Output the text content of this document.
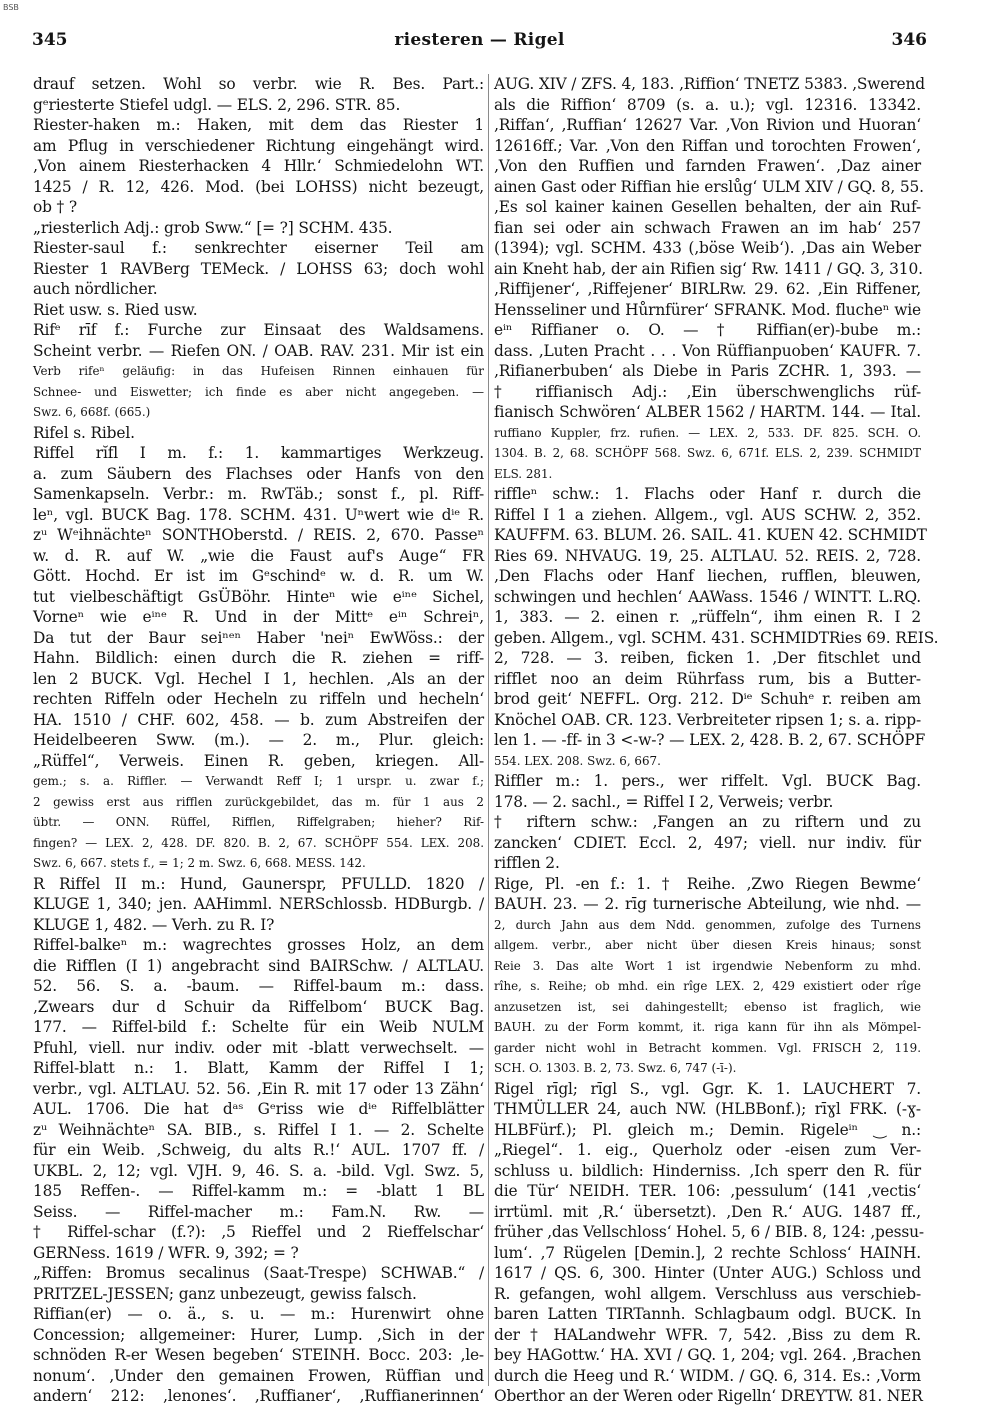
BSB
345	riesteren — Rigel	346
drauf setzen. Wohl so verbr. wie R. Bes. Part.:
gᵉriesterte Stiefel udgl. — ELS. 2, 296. STR. 85.
Riester-haken m.: Haken, mit dem das Riester 1
am Pflug in verschiedener Richtung eingehängt wird.
‚Von ainem Riesterhacken 4 Hllr.‘ Schmiedelohn WT.
1425 / R. 12, 426. Mod. (bei LOHSS) nicht bezeugt,
ob † ?
„riesterlich Adj.: grob Sww.“ [= ?] SCHM. 435.
Riester-saul f.: senkrechter eiserner Teil am
Riester 1 RAVBerg TEMeck. / LOHSS 63; doch wohl
auch nördlicher.
Riet usw. s. Ried usw.
Rifᵉ rīf f.: Furche zur Einsaat des Waldsamens.
Scheint verbr. — Riefen ON. / OAB. RAV. 231. Mir ist ein
Verb rifeⁿ geläufig: in das Hufeisen Rinnen einhauen für
Schnee- und Eiswetter; ich finde es aber nicht angegeben. —
Swz. 6, 668f. (665.)
Rifel s. Ribel.
Riffel rĭfl I m. f.: 1. kammartiges Werkzeug.
a. zum Säubern des Flachses oder Hanfs von den
Samenkapseln. Verbr.: m. RwTäb.; sonst f., pl. Riff-
leⁿ, vgl. BUCK Bag. 178. SCHM. 431. Uⁿwert wie dⁱᵉ R.
zᵘ Wᵉihnächteⁿ SONTHOberstd. / REIS. 2, 670. Passeⁿ
w. d. R. auf W. „wie die Faust auf's Auge“ FR
Gött. Hochd. Er ist im Gᵉschindᵉ w. d. R. um W.
tut vielbeschäftigt GsÜBöhr. Hinteⁿ wie eⁱⁿᵉ Sichel,
Vorneⁿ wie eⁱⁿᵉ R. Und in der Mittᵉ eⁱⁿ Schreiⁿ,
Da tut der Baur seiⁿᵉⁿ Haber 'neiⁿ EwWöss.: der
Hahn. Bildlich: einen durch die R. ziehen = riff-
len 2 BUCK. Vgl. Hechel I 1, hechlen. ‚Als an der
rechten Riffeln oder Hecheln zu riffeln und hecheln‘
HA. 1510 / CHF. 602, 458. — b. zum Abstreifen der
Heidelbeeren Sww. (m.). — 2. m., Plur. gleich:
„Rüffel“, Verweis. Einen R. geben, kriegen. All-
gem.; s. a. Riffler. — Verwandt Reff I; 1 urspr. u. zwar f.;
2 gewiss erst aus rifflen zurückgebildet, das m. für 1 aus 2
übtr. — ONN. Rüffel, Rifflen, Riffelgraben; hieher? Rif-
fingen? — LEX. 2, 428. DF. 820. B. 2, 67. SCHÖPF 554. LEX. 208.
Swz. 6, 667. stets f., = 1; 2 m. Swz. 6, 668. MESS. 142.
R Riffel II m.: Hund, Gaunerspr, PFULLD. 1820 /
KLUGE 1, 340; jen. AAHimml. NERSchlossb. HDBurgb. /
KLUGE 1, 482. — Verh. zu R. I?
Riffel-balkeⁿ m.: wagrechtes grosses Holz, an dem
die Rifflen (I 1) angebracht sind BAIRSchw. / ALTLAU.
52. 56. S. a. -baum. — Riffel-baum m.: dass.
‚Zwears dur d Schuir da Riffelbom‘ BUCK Bag.
177. — Riffel-bild f.: Schelte für ein Weib NULM
Pfuhl, viell. nur indiv. oder mit -blatt verwechselt. —
Riffel-blatt n.: 1. Blatt, Kamm der Riffel I 1;
verbr., vgl. ALTLAU. 52. 56. ‚Ein R. mit 17 oder 13 Zähn‘
AUL. 1706. Die hat dᵃˢ Gᵉriss wie dⁱᵉ Riffelblätter
zᵘ Weihnächteⁿ SA. BIB., s. Riffel I 1. — 2. Schelte
für ein Weib. ‚Schweig, du alts R.!‘ AUL. 1707 ff. /
UKBL. 2, 12; vgl. VJH. 9, 46. S. a. -bild. Vgl. Swz. 5,
185 Reffen-. — Riffel-kamm m.: = -blatt 1 BL
Seiss. — Riffel-macher m.: Fam.N. Rw. —
† Riffel-schar (f.?): ‚5 Rieffel und 2 Rieffelschar‘
GERNess. 1619 / WFR. 9, 392; = ?
„Riffen: Bromus secalinus (Saat-Trespe) SCHWAB.“ /
PRITZEL-JESSEN; ganz unbezeugt, gewiss falsch.
Riffian(er) — o. ä., s. u. — m.: Hurenwirt ohne
Concession; allgemeiner: Hurer, Lump. ‚Sich in der
schnöden R-er Wesen begeben‘ STEINH. Bocc. 203: ‚le-
nonum‘. ‚Under den gemainen Frowen, Rüffian und
andern‘ 212: ‚lenones‘. ‚Ruffianer‘, ‚Ruffianerinnen‘
AUG. XIV / ZFS. 4, 183. ‚Riffion‘ TNETZ 5383. ‚Swerend
als die Riffion‘ 8709 (s. a. u.); vgl. 12316. 13342.
‚Riffan‘, ‚Ruffian‘ 12627 Var. ‚Von Rivion und Huoran‘
12616ff.; Var. ‚Von den Riffan und torochten Frowen‘,
‚Von den Ruffien und farnden Frawen‘. ‚Daz ainer
ainen Gast oder Riffian hie erslůg‘ ULM XIV / GQ. 8, 55.
‚Es sol kainer kainen Gesellen behalten, der ain Ruf-
fian sei oder ain schwach Frawen an im hab‘ 257
(1394); vgl. SCHM. 433 (‚böse Weib‘). ‚Das ain Weber
ain Kneht hab, der ain Rifien sig‘ Rw. 1411 / GQ. 3, 310.
‚Riffijener‘, ‚Riffejener‘ BIRLRw. 29. 62. ‚Ein Riffener,
Hensseliner und Hůrnfürer‘ SFRANK. Mod. flucheⁿ wie
eⁱⁿ Riffianer o. O. — † Riffian(er)-bube m.:
dass. ‚Luten Pracht . . . Von Rüffianpuoben‘ KAUFR. 7.
‚Rifianerbuben‘ als Diebe in Paris ZCHR. 1, 393. —
† riffianisch Adj.: ‚Ein überschwenglichs rüf-
fianisch Schwören‘ ALBER 1562 / HARTM. 144. — Ital.
ruffiano Kuppler, frz. rufien. — LEX. 2, 533. DF. 825. SCH. O.
1304. B. 2, 68. SCHÖPF 568. Swz. 6, 671f. ELS. 2, 239. SCHMIDT
ELS. 281.
riffleⁿ schw.: 1. Flachs oder Hanf r. durch die
Riffel I 1 a ziehen. Allgem., vgl. AUS SCHW. 2, 352.
KAUFFM. 63. BLUM. 26. SAIL. 41. KUEN 42. SCHMIDT
Ries 69. NHVAUG. 19, 25. ALTLAU. 52. REIS. 2, 728.
‚Den Flachs oder Hanf liechen, rufflen, bleuwen,
schwingen und hechlen‘ AAWass. 1546 / WINTT. L.RQ.
1, 383. — 2. einen r. „rüffeln“, ihm einen R. I 2
geben. Allgem., vgl. SCHM. 431. SCHMIDTRies 69. REIS.
2, 728. — 3. reiben, ficken 1. ‚Der fitschlet und
rifflet noo an deim Rührfass rum, bis a Butter-
brod geit‘ NEFFL. Org. 212. Dⁱᵉ Schuhᵉ r. reiben am
Knöchel OAB. CR. 123. Verbreiteter ripsen 1; s. a. ripp-
len 1. — -ff- in 3 <-w-? — LEX. 2, 428. B. 2, 67. SCHÖPF
554. LEX. 208. Swz. 6, 667.
Riffler m.: 1. pers., wer riffelt. Vgl. BUCK Bag.
178. — 2. sachl., = Riffel I 2, Verweis; verbr.
† riftern schw.: ‚Fangen an zu riftern und zu
zancken‘ CDIET. Eccl. 2, 497; viell. nur indiv. für
rifflen 2.
Rige, Pl. -en f.: 1. † Reihe. ‚Zwo Riegen Bewme‘
BAUH. 23. — 2. rīg turnerische Abteilung, wie nhd. —
2, durch Jahn aus dem Ndd. genommen, zufolge des Turnens
allgem. verbr., aber nicht über diesen Kreis hinaus; sonst
Reie 3. Das alte Wort 1 ist irgendwie Nebenform zu mhd.
rîhe, s. Reihe; ob mhd. ein rîge LEX. 2, 429 existiert oder rîge
anzusetzen ist, sei dahingestellt; ebenso ist fraglich, wie
BAUH. zu der Form kommt, it. riga kann für ihn als Mömpel-
garder nicht wohl in Betracht kommen. Vgl. FRISCH 2, 119.
SCH. O. 1303. B. 2, 73. Swz. 6, 747 (-ī-).
Rigel rīgl; rīgl S., vgl. Ggr. K. 1. LAUCHERT 7.
THMÜLLER 24, auch NW. (HLBBonf.); rīɣl FRK. (-ɣ-
HLBFürf.); Pl. gleich m.; Demin. Rigeleⁱⁿ ‿ n.:
„Riegel“. 1. eig., Querholz oder -eisen zum Ver-
schluss u. bildlich: Hinderniss. ‚Ich sperr den R. für
die Tür‘ NEIDH. TER. 106: ‚pessulum‘ (141 ‚vectis‘
irrtüml. mit ‚R.‘ übersetzt). ‚Den R.‘ AUG. 1487 ff.,
früher ‚das Vellschloss‘ Hohel. 5, 6 / BIB. 8, 124: ‚pessu-
lum‘. ‚7 Rügelen [Demin.], 2 rechte Schloss‘ HAINH.
1617 / QS. 6, 300. Hinter (Unter AUG.) Schloss und
R. gefangen, wohl allgem. Verschluss aus verschieb-
baren Latten TIRTannh. Schlagbaum odgl. BUCK. In
der † HALandwehr WFR. 7, 542. ‚Biss zu dem R.
bey HAGottw.‘ HA. XVI / GQ. 1, 204; vgl. 264. ‚Brachen
durch die Heeg und R.‘ WIDM. / GQ. 6, 314. Es.: ‚Vorm
Oberthor an der Weren oder Rigelln‘ DREYTW. 81. NER
